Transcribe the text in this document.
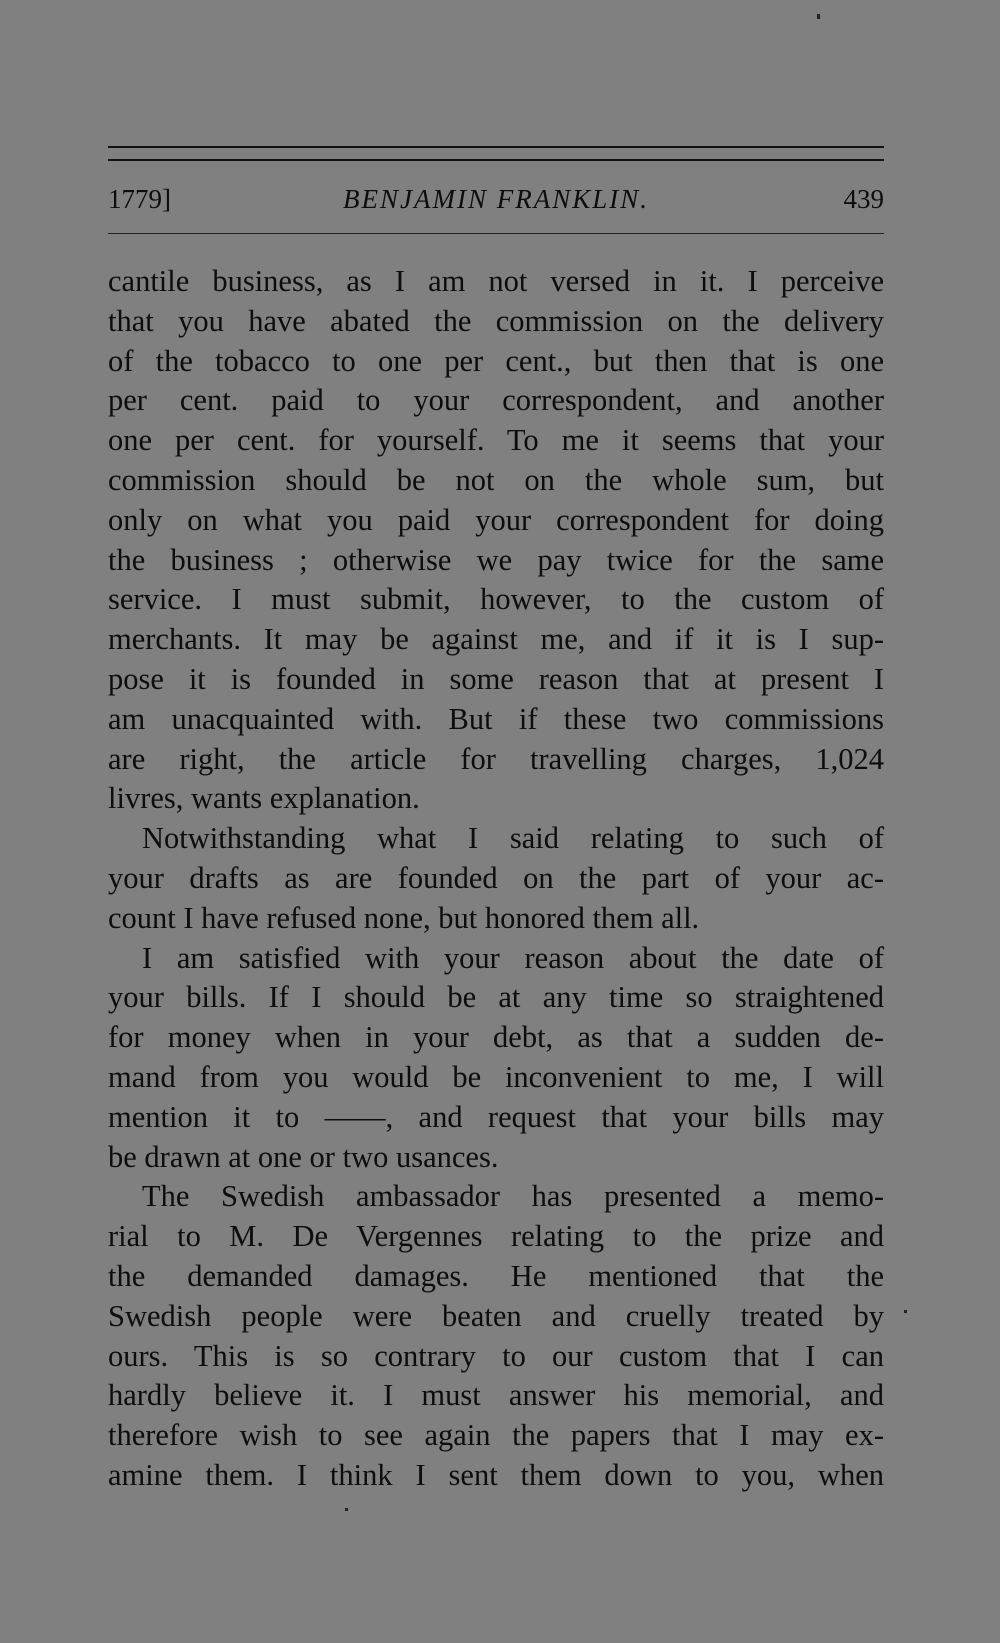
1779]	BENJAMIN FRANKLIN.	439
cantile business, as I am not versed in it. I perceive
that you have abated the commission on the delivery
of the tobacco to one per cent., but then that is one
per cent. paid to your correspondent, and another
one per cent. for yourself. To me it seems that your
commission should be not on the whole sum, but
only on what you paid your correspondent for doing
the business ; otherwise we pay twice for the same
service. I must submit, however, to the custom of
merchants. It may be against me, and if it is I sup-
pose it is founded in some reason that at present I
am unacquainted with. But if these two commissions
are right, the article for travelling charges, 1,024
livres, wants explanation.
Notwithstanding what I said relating to such of
your drafts as are founded on the part of your ac-
count I have refused none, but honored them all.
I am satisfied with your reason about the date of
your bills. If I should be at any time so straightened
for money when in your debt, as that a sudden de-
mand from you would be inconvenient to me, I will
mention it to ——, and request that your bills may
be drawn at one or two usances.
The Swedish ambassador has presented a memo-
rial to M. De Vergennes relating to the prize and
the demanded damages. He mentioned that the
Swedish people were beaten and cruelly treated by
ours. This is so contrary to our custom that I can
hardly believe it. I must answer his memorial, and
therefore wish to see again the papers that I may ex-
amine them. I think I sent them down to you, when
